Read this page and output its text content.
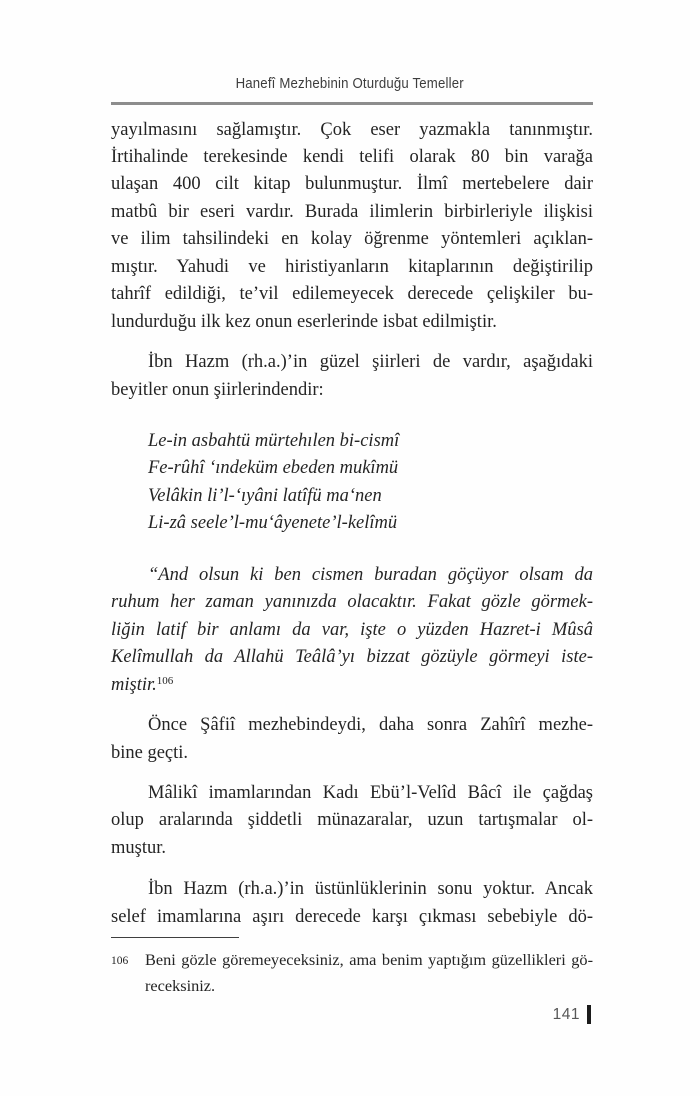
Hanefî Mezhebinin Oturduğu Temeller
yayılmasını sağlamıştır. Çok eser yazmakla tanınmıştır.
İrtihalinde terekesinde kendi telifi olarak 80 bin varağa
ulaşan 400 cilt kitap bulunmuştur. İlmî mertebelere dair
matbû bir eseri vardır. Burada ilimlerin birbirleriyle ilişkisi
ve ilim tahsilindeki en kolay öğrenme yöntemleri açıklan-
mıştır. Yahudi ve hiristiyanların kitaplarının değiştirilip
tahrîf edildiği, te’vil edilemeyecek derecede çelişkiler bu-
lundurduğu ilk kez onun eserlerinde isbat edilmiştir.
İbn Hazm (rh.a.)’in güzel şiirleri de vardır, aşağıdaki
beyitler onun şiirlerindendir:
Le-in asbahtü mürtehılen bi-cismî
Fe-rûhî ‘ındeküm ebeden mukîmü
Velâkin li’l-‘ıyâni latîfü ma‘nen
Li-zâ seele’l-mu‘âyenete’l-kelîmü
“And olsun ki ben cismen buradan göçüyor olsam da
ruhum her zaman yanınızda olacaktır. Fakat gözle görmek-
liğin latif bir anlamı da var, işte o yüzden Hazret-i Mûsâ
Kelîmullah da Allahü Teâlâ’yı bizzat gözüyle görmeyi iste-
miştir.$^{106}$
Önce Şâfiî mezhebindeydi, daha sonra Zahîrî mezhe-
bine geçti.
Mâlikî imamlarından Kadı Ebü’l-Velîd Bâcî ile çağdaş
olup aralarında şiddetli münazaralar, uzun tartışmalar ol-
muştur.
İbn Hazm (rh.a.)’in üstünlüklerinin sonu yoktur. Ancak
selef imamlarına aşırı derecede karşı çıkması sebebiyle dö-
106	Beni gözle göremeyeceksiniz, ama benim yaptığım güzellikleri gö-
receksiniz.
141
